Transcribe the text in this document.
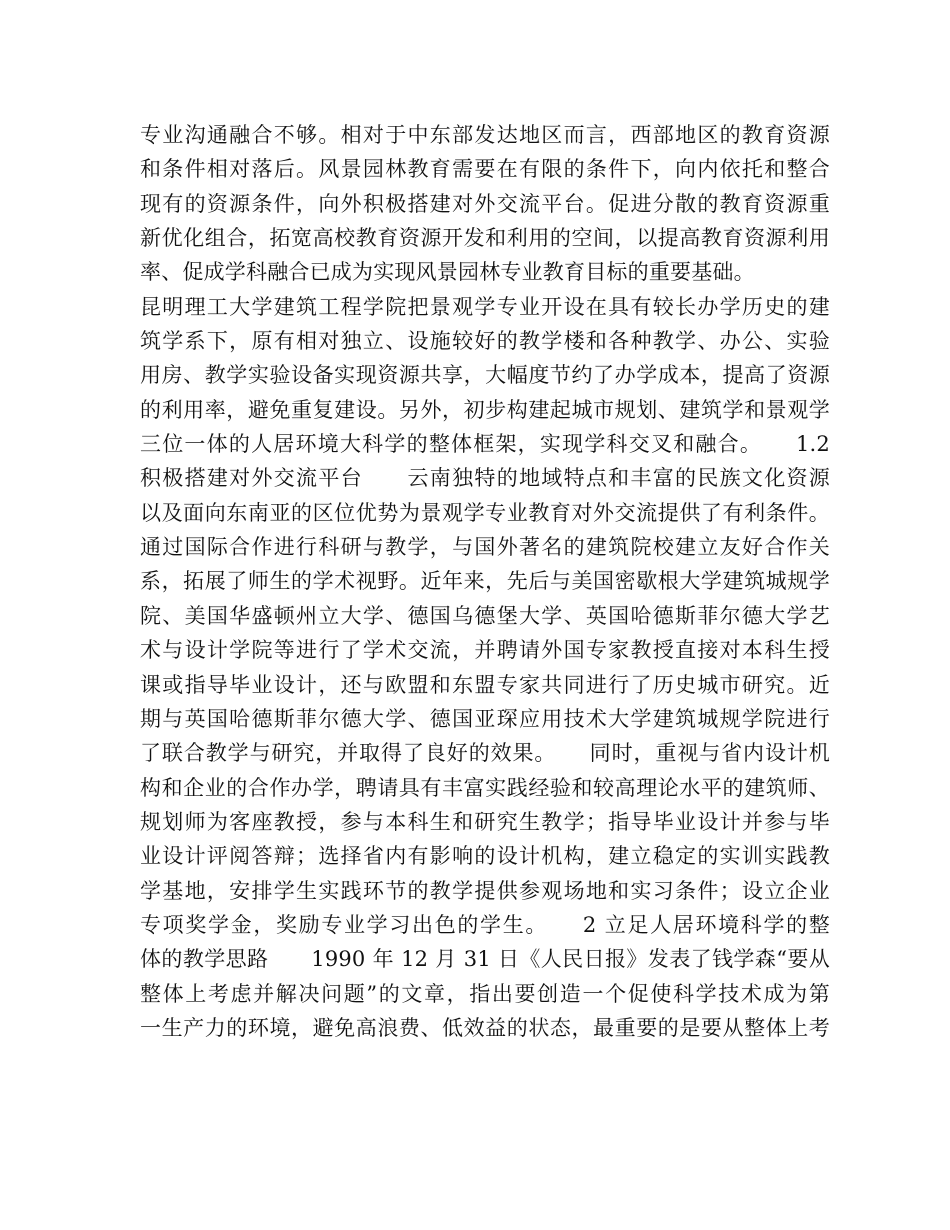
专业沟通融合不够。相对于中东部发达地区而言，西部地区的教育资源
和条件相对落后。风景园林教育需要在有限的条件下，向内依托和整合
现有的资源条件，向外积极搭建对外交流平台。促进分散的教育资源重
新优化组合，拓宽高校教育资源开发和利用的空间，以提高教育资源利用
率、促成学科融合已成为实现风景园林专业教育目标的重要基础。
昆明理工大学建筑工程学院把景观学专业开设在具有较长办学历史的建
筑学系下，原有相对独立、设施较好的教学楼和各种教学、办公、实验
用房、教学实验设备实现资源共享，大幅度节约了办学成本，提高了资源
的利用率，避免重复建设。另外，初步构建起城市规划、建筑学和景观学
三位一体的人居环境大科学的整体框架，实现学科交叉和融合。　　1.2
积极搭建对外交流平台　　云南独特的地域特点和丰富的民族文化资源
以及面向东南亚的区位优势为景观学专业教育对外交流提供了有利条件。
通过国际合作进行科研与教学，与国外著名的建筑院校建立友好合作关
系，拓展了师生的学术视野。近年来，先后与美国密歇根大学建筑城规学
院、美国华盛顿州立大学、德国乌德堡大学、英国哈德斯菲尔德大学艺
术与设计学院等进行了学术交流，并聘请外国专家教授直接对本科生授
课或指导毕业设计，还与欧盟和东盟专家共同进行了历史城市研究。近
期与英国哈德斯菲尔德大学、德国亚琛应用技术大学建筑城规学院进行
了联合教学与研究，并取得了良好的效果。　　同时，重视与省内设计机
构和企业的合作办学，聘请具有丰富实践经验和较高理论水平的建筑师、
规划师为客座教授，参与本科生和研究生教学；指导毕业设计并参与毕
业设计评阅答辩；选择省内有影响的设计机构，建立稳定的实训实践教
学基地，安排学生实践环节的教学提供参观场地和实习条件；设立企业
专项奖学金，奖励专业学习出色的学生。　　2 立足人居环境科学的整
体的教学思路　　1990 年 12 月 31 日《人民日报》发表了钱学森“要从
整体上考虑并解决问题”的文章，指出要创造一个促使科学技术成为第
一生产力的环境，避免高浪费、低效益的状态，最重要的是要从整体上考
